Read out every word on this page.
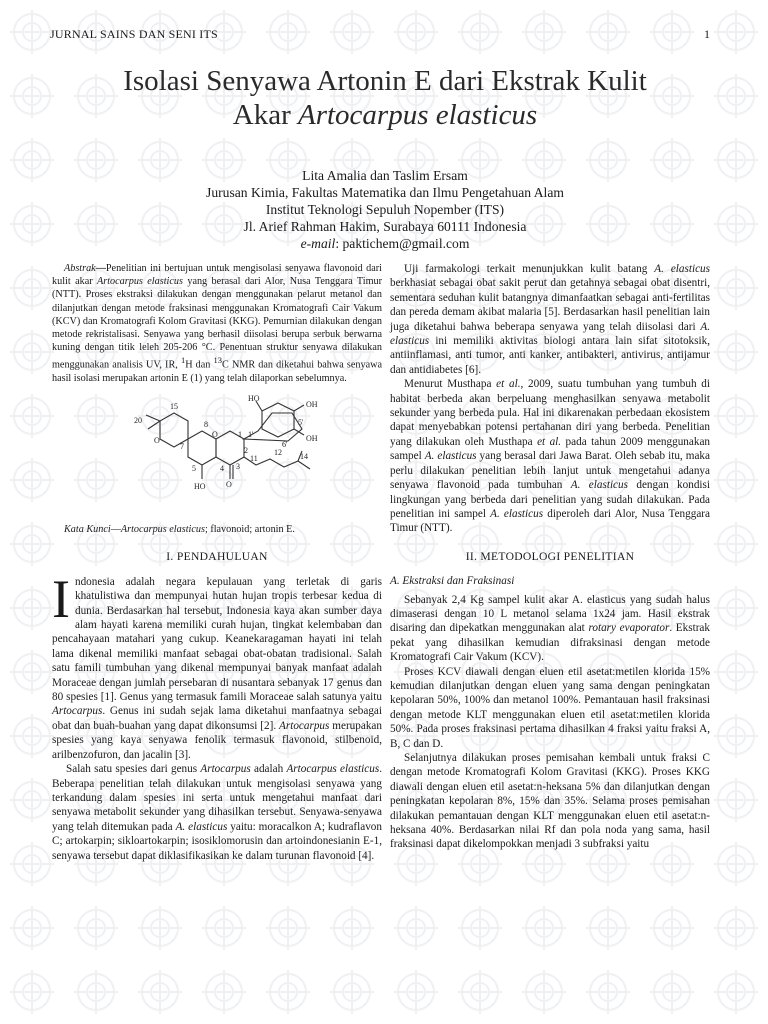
JURNAL SAINS DAN SENI ITS	1
Isolasi Senyawa Artonin E dari Ekstrak Kulit
Akar Artocarpus elasticus
Lita Amalia dan Taslim Ersam
Jurusan Kimia, Fakultas Matematika dan Ilmu Pengetahuan Alam
Institut Teknologi Sepuluh Nopember (ITS)
Jl. Arief Rahman Hakim, Surabaya 60111 Indonesia
e-mail: paktichem@gmail.com

Abstrak—Penelitian ini bertujuan untuk mengisolasi senyawa flavonoid dari kulit akar Artocarpus elasticus yang berasal dari Alor, Nusa Tenggara Timur (NTT). Proses ekstraksi dilakukan dengan menggunakan pelarut metanol dan dilanjutkan dengan metode fraksinasi menggunakan Kromatografi Cair Vakum (KCV) dan Kromatografi Kolom Gravitasi (KKG). Pemurnian dilakukan dengan metode rekristalisasi. Senyawa yang berhasil diisolasi berupa serbuk berwarna kuning dengan titik leleh 205-206 °C. Penentuan struktur senyawa dilakukan menggunakan analisis UV, IR, $^1$H dan $^{13}$C NMR dan diketahui bahwa senyawa hasil isolasi merupakan artonin E (1) yang telah dilaporkan sebelumnya.

HO
OH
OH
HO
O
O
O
20
15
5'
6'
1'
11
12 14
1
2
3
4
5
7
8

Kata Kunci—Artocarpus elasticus; flavonoid; artonin E.

I. PENDAHULUAN

Indonesia adalah negara kepulauan yang terletak di garis khatulistiwa dan mempunyai hutan hujan tropis terbesar kedua di dunia. Berdasarkan hal tersebut, Indonesia kaya akan sumber daya alam hayati karena memiliki curah hujan, tingkat kelembaban dan pencahayaan matahari yang cukup. Keanekaragaman hayati ini telah lama dikenal memiliki manfaat sebagai obat-obatan tradisional. Salah satu famili tumbuhan yang dikenal mempunyai banyak manfaat adalah Moraceae dengan jumlah persebaran di nusantara sebanyak 17 genus dan 80 spesies [1]. Genus yang termasuk famili Moraceae salah satunya yaitu Artocarpus. Genus ini sudah sejak lama diketahui manfaatnya sebagai obat dan buah-buahan yang dapat dikonsumsi [2]. Artocarpus merupakan spesies yang kaya senyawa fenolik termasuk flavonoid, stilbenoid, arilbenzofuron, dan jacalin [3].

Salah satu spesies dari genus Artocarpus adalah Artocarpus elasticus. Beberapa penelitian telah dilakukan untuk mengisolasi senyawa yang terkandung dalam spesies ini serta untuk mengetahui manfaat dari senyawa metabolit sekunder yang dihasilkan tersebut. Senyawa-senyawa yang telah ditemukan pada A. elasticus yaitu: moracalkon A; kudraflavon C; artokarpin; sikloartokarpin; isosiklomorusin dan artoindonesianin E-1, senyawa tersebut dapat diklasifikasikan ke dalam turunan flavonoid [4].

Uji farmakologi terkait menunjukkan kulit batang A. elasticus berkhasiat sebagai obat sakit perut dan getahnya sebagai obat disentri, sementara seduhan kulit batangnya dimanfaatkan sebagai anti-fertilitas dan pereda demam akibat malaria [5]. Berdasarkan hasil penelitian lain juga diketahui bahwa beberapa senyawa yang telah diisolasi dari A. elasticus ini memiliki aktivitas biologi antara lain sifat sitotoksik, antiinflamasi, anti tumor, anti kanker, antibakteri, antivirus, antijamur dan antidiabetes [6].

Menurut Musthapa et al., 2009, suatu tumbuhan yang tumbuh di habitat berbeda akan berpeluang menghasilkan senyawa metabolit sekunder yang berbeda pula. Hal ini dikarenakan perbedaan ekosistem dapat menyebabkan potensi pertahanan diri yang berbeda. Penelitian yang dilakukan oleh Musthapa et al. pada tahun 2009 menggunakan sampel A. elasticus yang berasal dari Jawa Barat. Oleh sebab itu, maka perlu dilakukan penelitian lebih lanjut untuk mengetahui adanya senyawa flavonoid pada tumbuhan A. elasticus dengan kondisi lingkungan yang berbeda dari penelitian yang sudah dilakukan. Pada penelitian ini sampel A. elasticus diperoleh dari Alor, Nusa Tenggara Timur (NTT).

II. METODOLOGI PENELITIAN
A. Ekstraksi dan Fraksinasi

Sebanyak 2,4 Kg sampel kulit akar A. elasticus yang sudah halus dimaserasi dengan 10 L metanol selama 1x24 jam. Hasil ekstrak disaring dan dipekatkan menggunakan alat rotary evaporator. Ekstrak pekat yang dihasilkan kemudian difraksinasi dengan metode Kromatografi Cair Vakum (KCV).

Proses KCV diawali dengan eluen etil asetat:metilen klorida 15% kemudian dilanjutkan dengan eluen yang sama dengan peningkatan kepolaran 50%, 100% dan metanol 100%. Pemantauan hasil fraksinasi dengan metode KLT menggunakan eluen etil asetat:metilen klorida 50%. Pada proses fraksinasi pertama dihasilkan 4 fraksi yaitu fraksi A, B, C dan D.

Selanjutnya dilakukan proses pemisahan kembali untuk fraksi C dengan metode Kromatografi Kolom Gravitasi (KKG). Proses KKG diawali dengan eluen etil asetat:n-heksana 5% dan dilanjutkan dengan peningkatan kepolaran 8%, 15% dan 35%. Selama proses pemisahan dilakukan pemantauan dengan KLT menggunakan eluen etil asetat:n-heksana 40%. Berdasarkan nilai Rf dan pola noda yang sama, hasil fraksinasi dapat dikelompokkan menjadi 3 subfraksi yaitu
